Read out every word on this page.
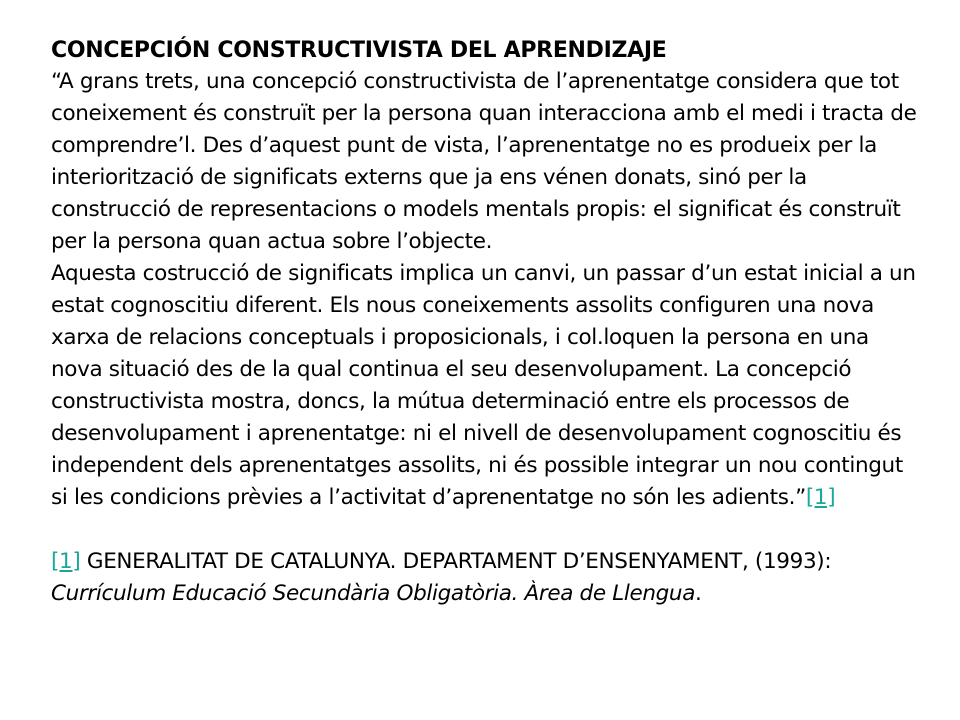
CONCEPCIÓN CONSTRUCTIVISTA DEL APRENDIZAJE
“A grans trets, una concepció constructivista de l’aprenentatge considera que tot coneixement és construït per la persona quan interacciona amb el medi i tracta de comprendre’l. Des d’aquest punt de vista, l’aprenentatge no es produeix per la interiorització de significats externs que ja ens vénen donats, sinó per la construcció de representacions o models mentals propis: el significat és construït per la persona quan actua sobre l’objecte.
Aquesta costrucció de significats implica un canvi, un passar d’un estat inicial a un estat cognoscitiu diferent. Els nous coneixements assolits configuren una nova xarxa de relacions conceptuals i proposicionals, i col.loquen la persona en una nova situació des de la qual continua el seu desenvolupament. La concepció constructivista mostra, doncs, la mútua determinació entre els processos de desenvolupament i aprenentatge: ni el nivell de desenvolupament cognoscitiu és independent dels aprenentatges assolits, ni és possible integrar un nou contingut si les condicions prèvies a l’activitat d’aprenentatge no són les adients.”[1]
[1] GENERALITAT DE CATALUNYA. DEPARTAMENT D’ENSENYAMENT, (1993): Currículum Educació Secundària Obligatòria. Àrea de Llengua.
